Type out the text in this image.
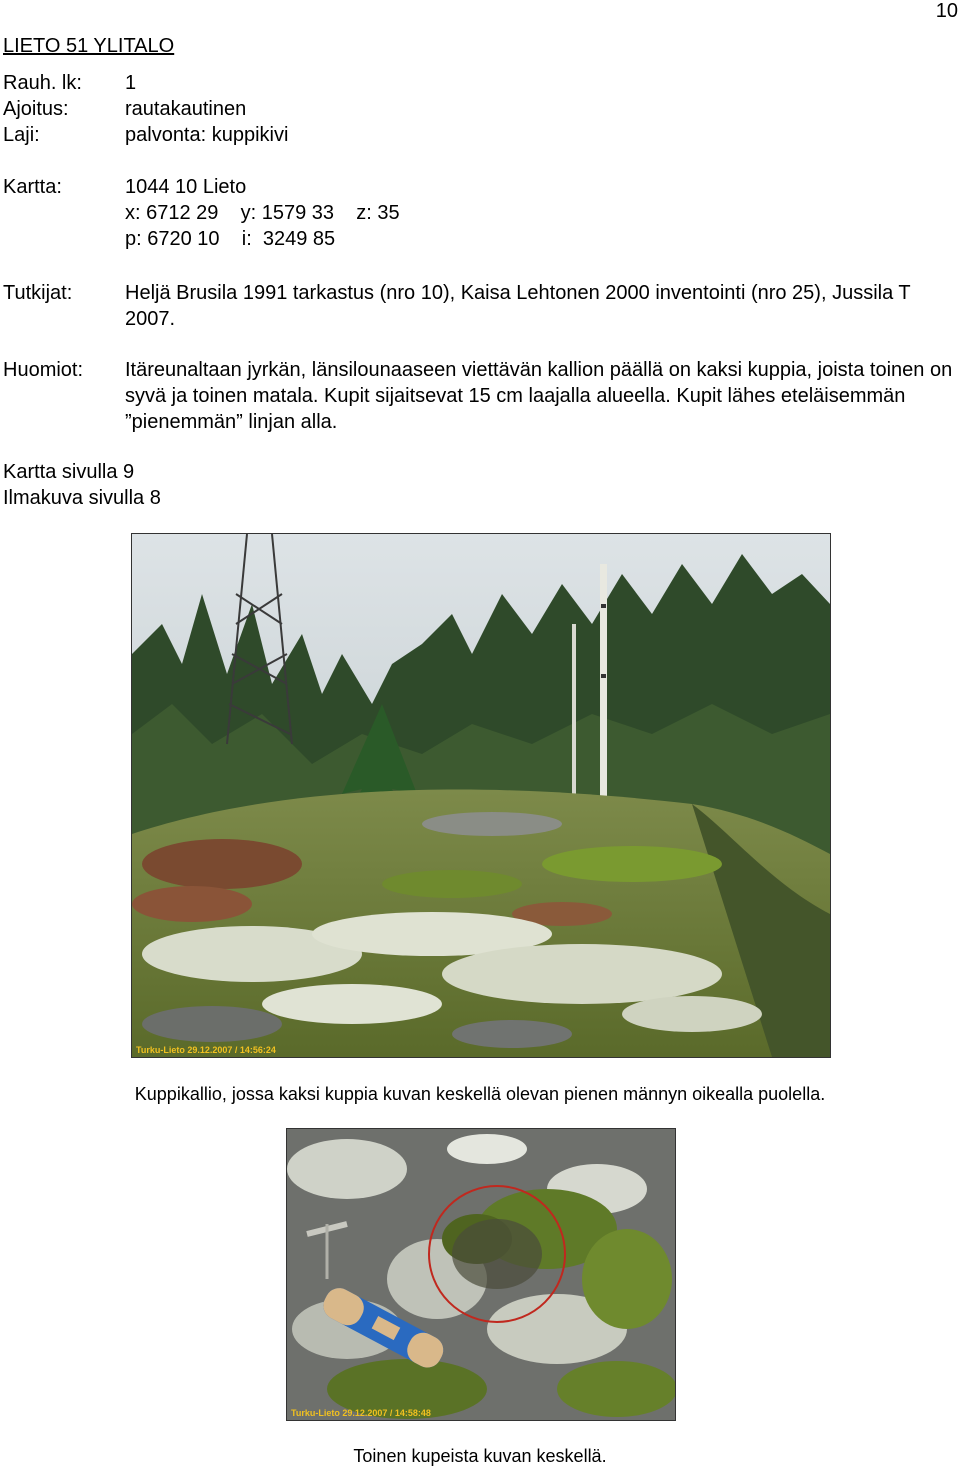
10
LIETO 51 YLITALO
Rauh. lk: 1
Ajoitus:	rautakautinen
Laji:	palvonta: kuppikivi
Kartta:	1044 10 Lieto
x: 6712 29    y: 1579 33    z: 35
p: 6720 10    i:  3249 85
Tutkijat:	Heljä Brusila 1991 tarkastus (nro 10), Kaisa Lehtonen 2000 inventointi (nro 25), Jussila T 2007.
Huomiot: Itäreunaltaan jyrkän, länsilounaaseen viettävän kallion päällä on kaksi kuppia, joista toinen on syvä ja toinen matala. Kupit sijaitsevat 15 cm laajalla alueella. Kupit lähes eteläisemmän ”pienemmän” linjan alla.
Kartta sivulla 9
Ilmakuva sivulla 8
Turku-Lieto 29.12.2007 / 14:56:24
Kuppikallio, jossa kaksi kuppia kuvan keskellä olevan pienen männyn oikealla puolella.
Turku-Lieto 29.12.2007 / 14:58:48
Toinen kupeista kuvan keskellä.
